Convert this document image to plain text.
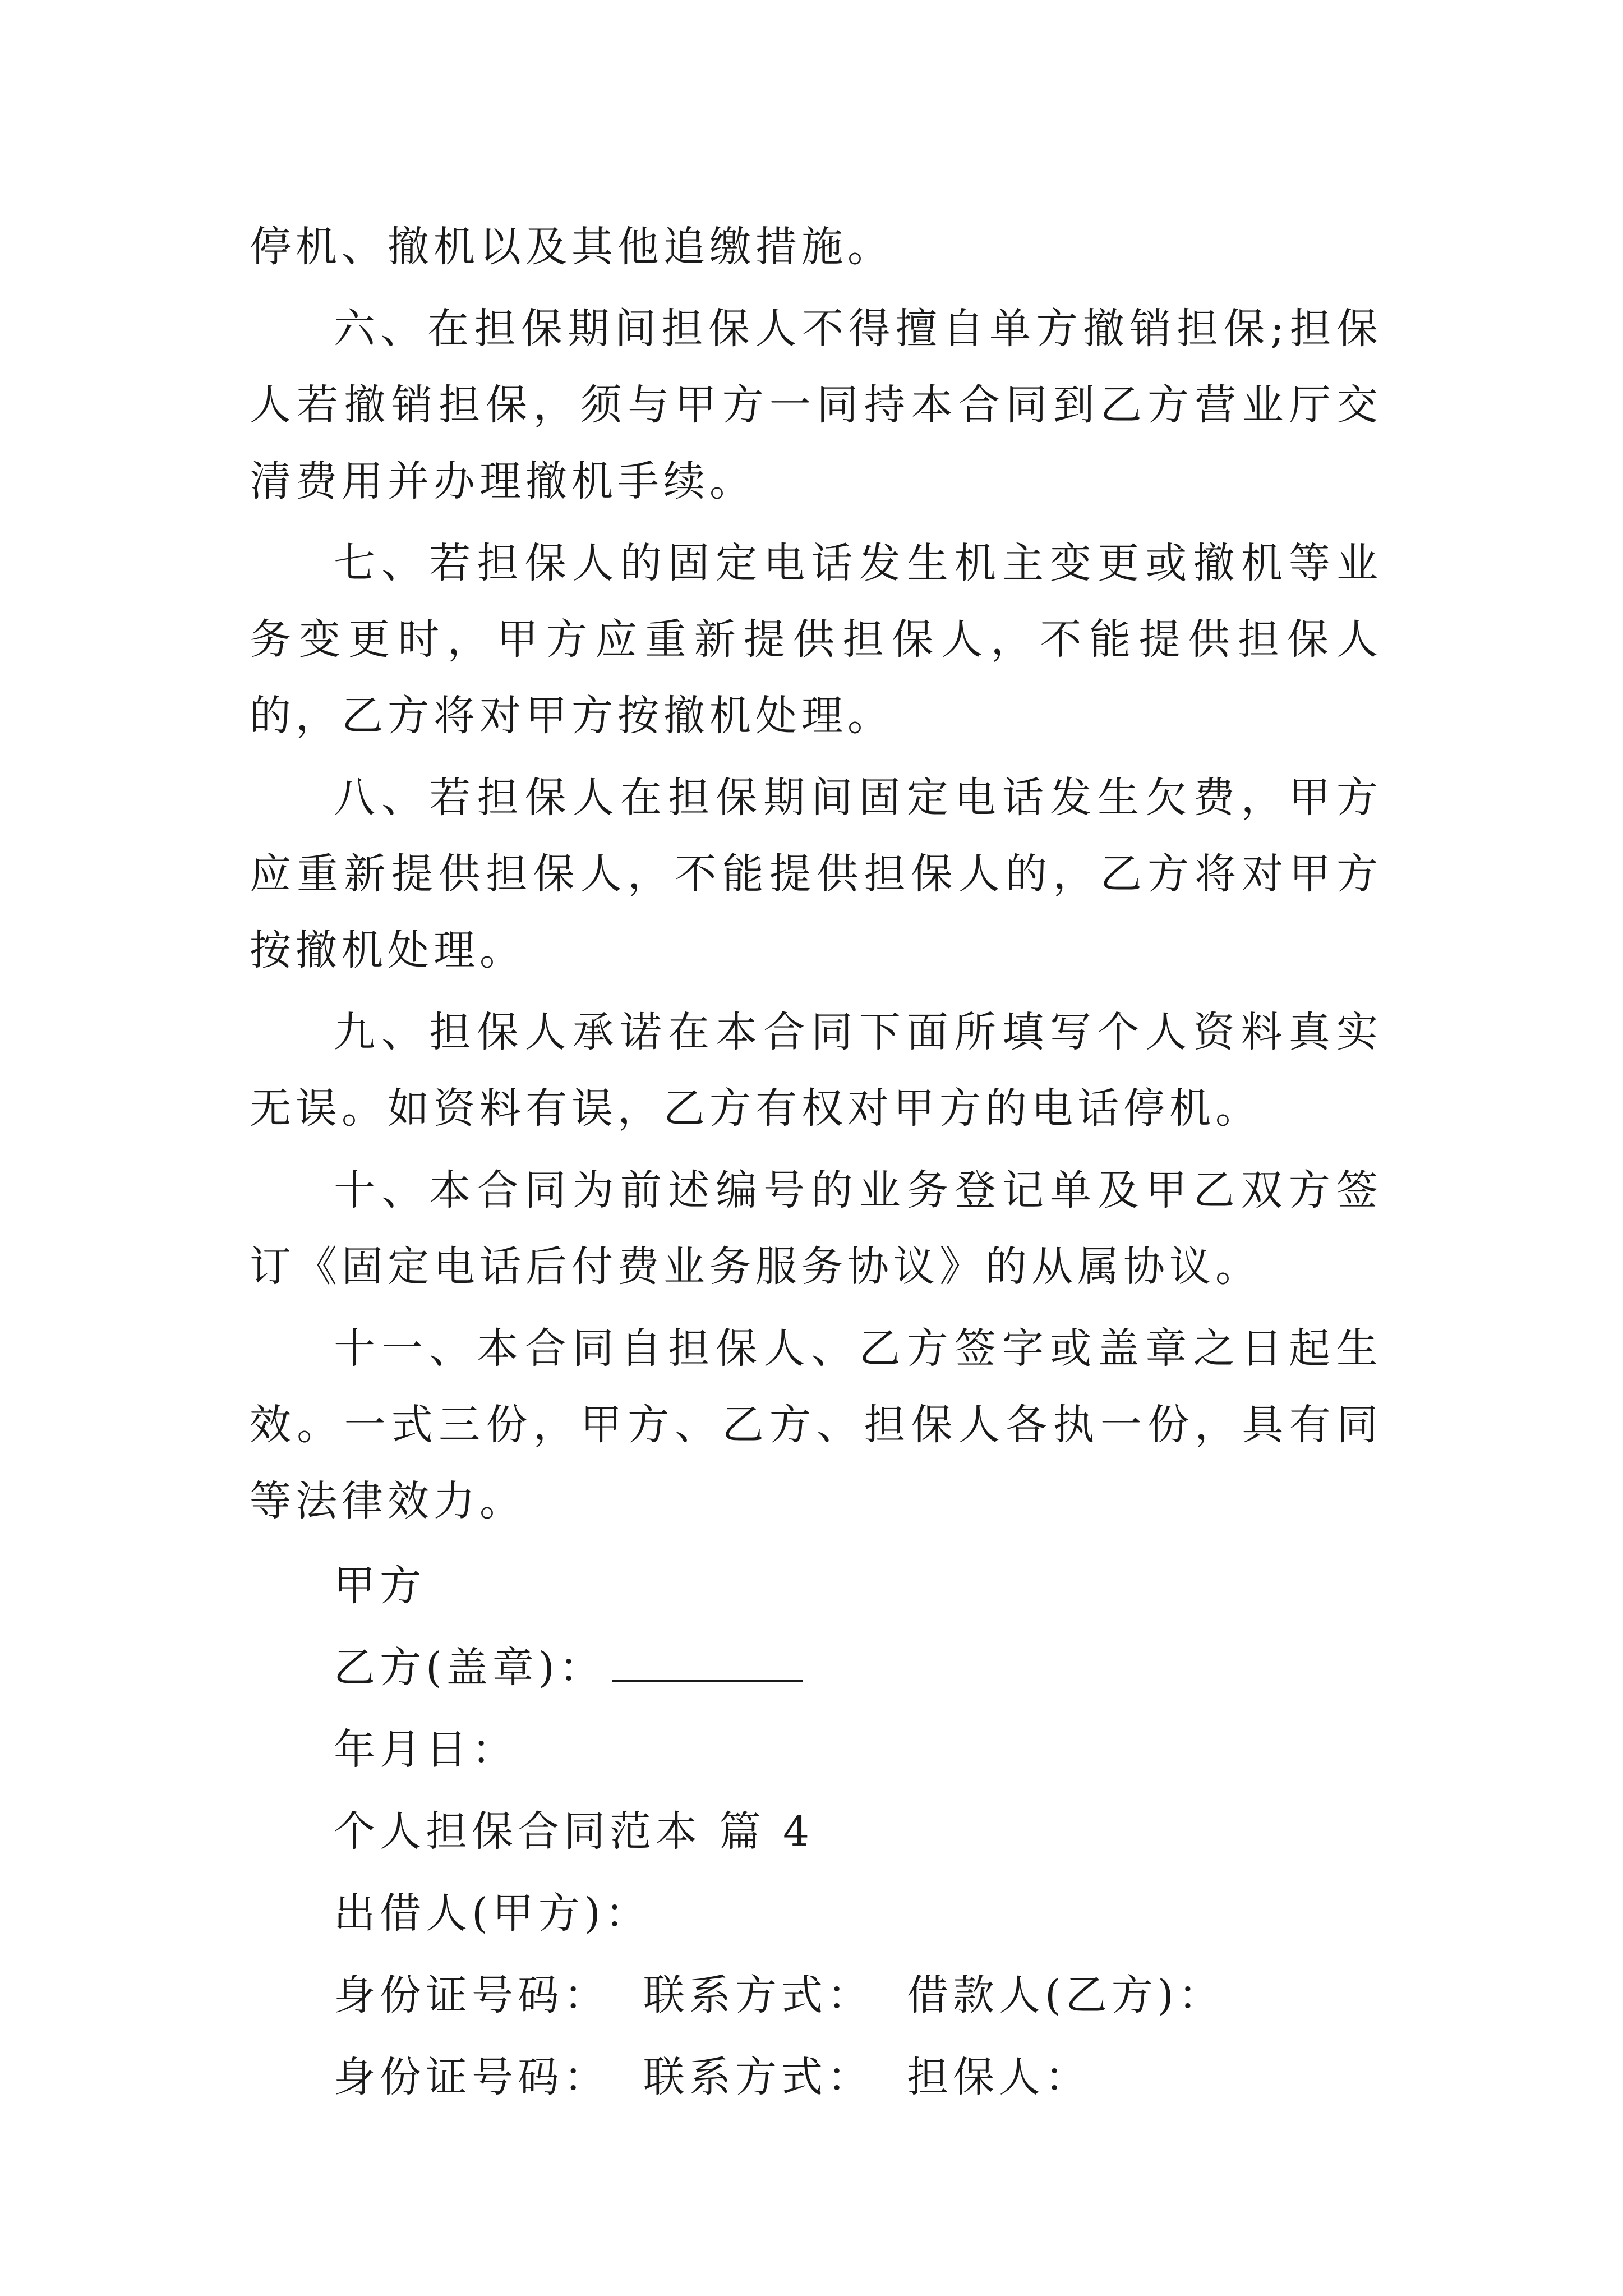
停机、撤机以及其他追缴措施。

六、在担保期间担保人不得擅自单方撤销担保;担保人若撤销担保，须与甲方一同持本合同到乙方营业厅交清费用并办理撤机手续。

七、若担保人的固定电话发生机主变更或撤机等业务变更时，甲方应重新提供担保人，不能提供担保人的，乙方将对甲方按撤机处理。

八、若担保人在担保期间固定电话发生欠费，甲方应重新提供担保人，不能提供担保人的，乙方将对甲方按撤机处理。

九、担保人承诺在本合同下面所填写个人资料真实无误。如资料有误，乙方有权对甲方的电话停机。

十、本合同为前述编号的业务登记单及甲乙双方签订《固定电话后付费业务服务协议》的从属协议。

十一、本合同自担保人、乙方签字或盖章之日起生效。一式三份，甲方、乙方、担保人各执一份，具有同等法律效力。

甲方

乙方(盖章)：

年月日：

个人担保合同范本 篇 4

出借人(甲方)：

身份证号码： 联系方式： 借款人(乙方)：

身份证号码： 联系方式： 担保人：
